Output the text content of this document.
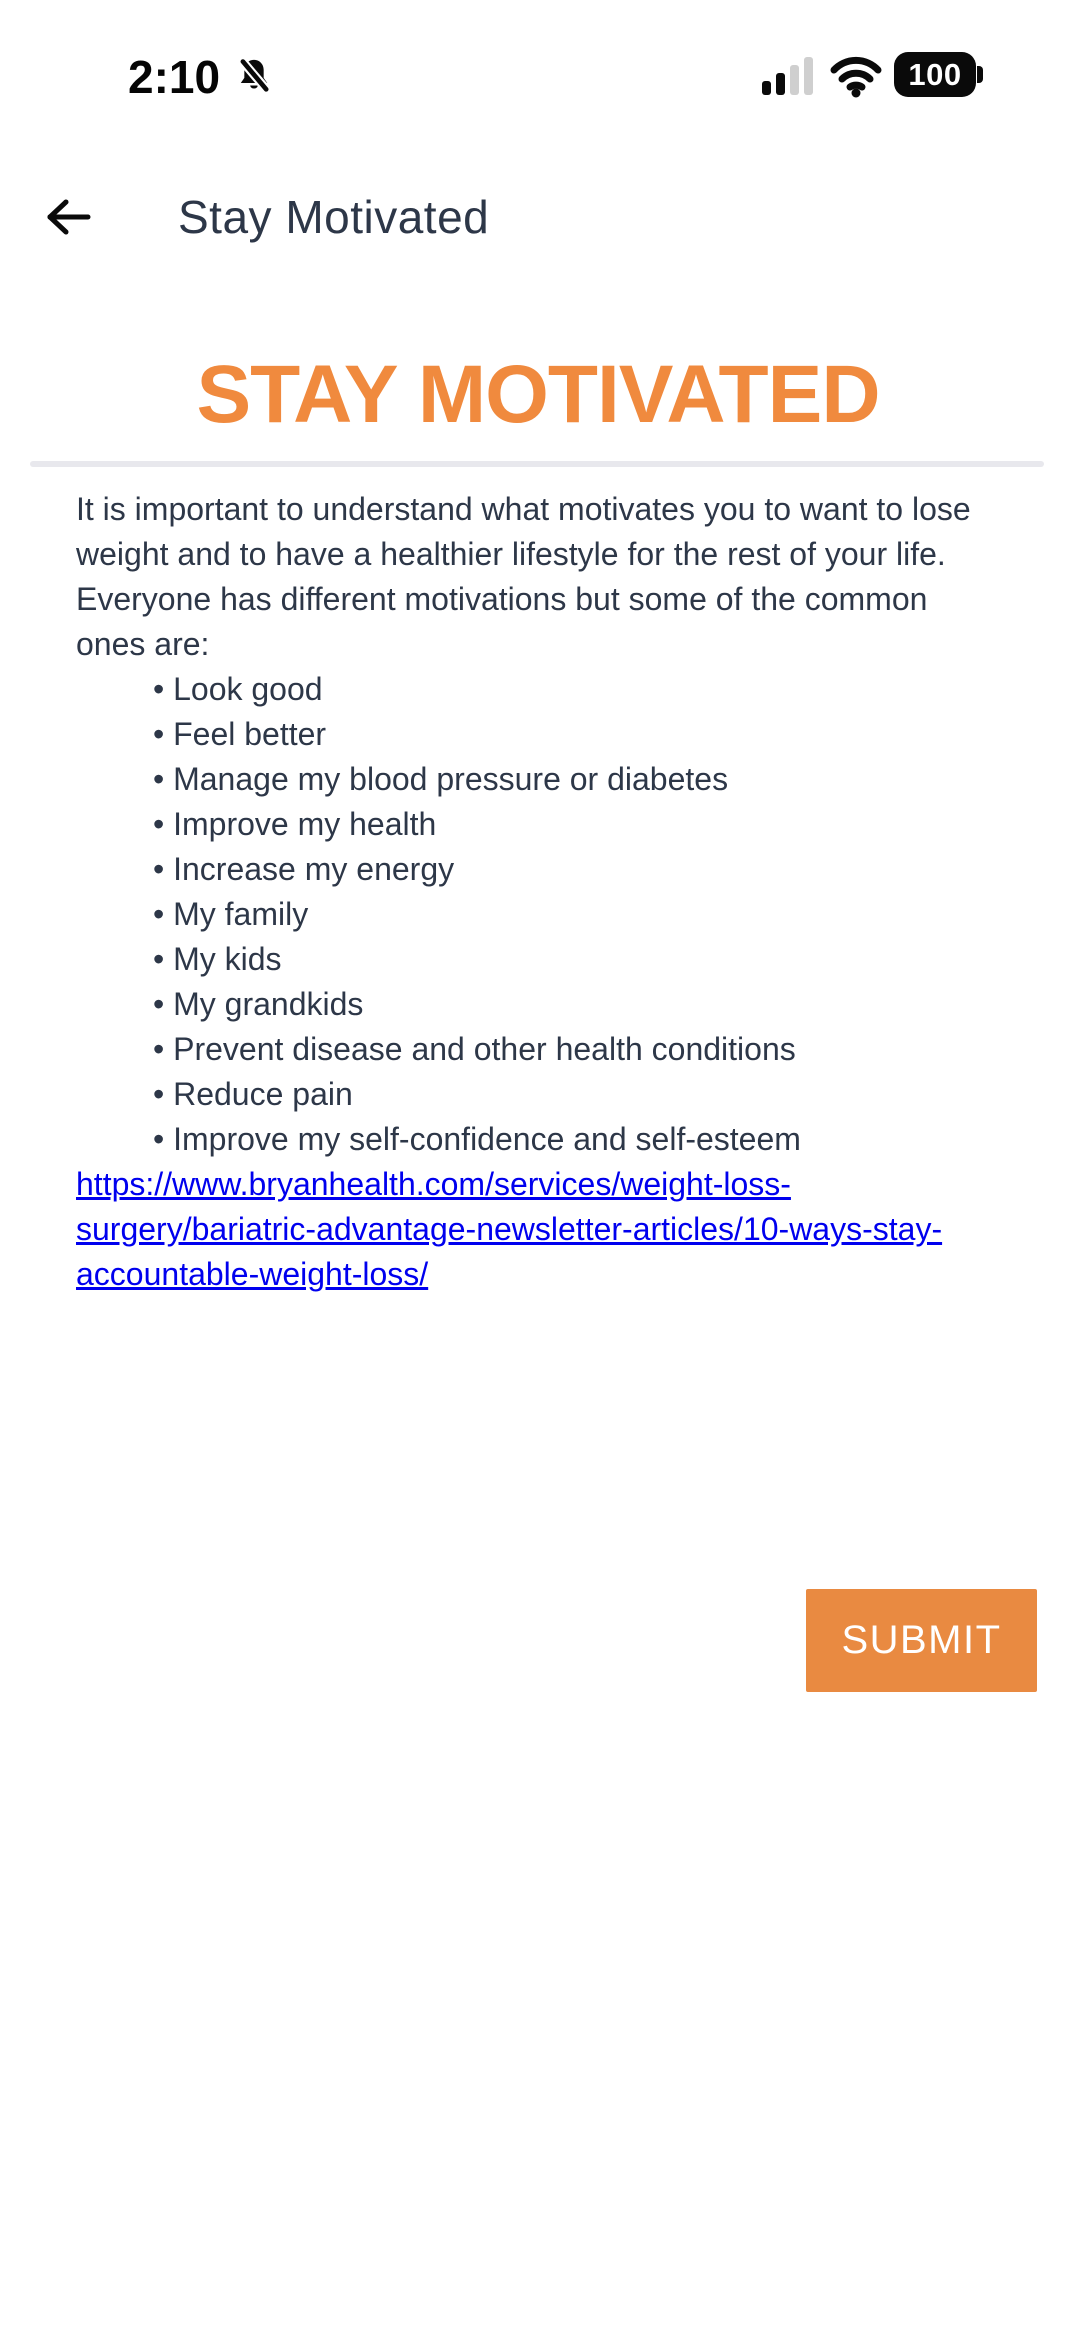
2:10	100
Stay Motivated
STAY MOTIVATED

It is important to understand what motivates you to want to lose weight and to have a healthier lifestyle for the rest of your life.

Everyone has different motivations but some of the common ones are:

• Look good
• Feel better
• Manage my blood pressure or diabetes
• Improve my health
• Increase my energy
• My family
• My kids
• My grandkids
• Prevent disease and other health conditions
• Reduce pain
• Improve my self-confidence and self-esteem
https://www.bryanhealth.com/services/weight-loss-surgery/bariatric-advantage-newsletter-articles/10-ways-stay-accountable-weight-loss/
SUBMIT
